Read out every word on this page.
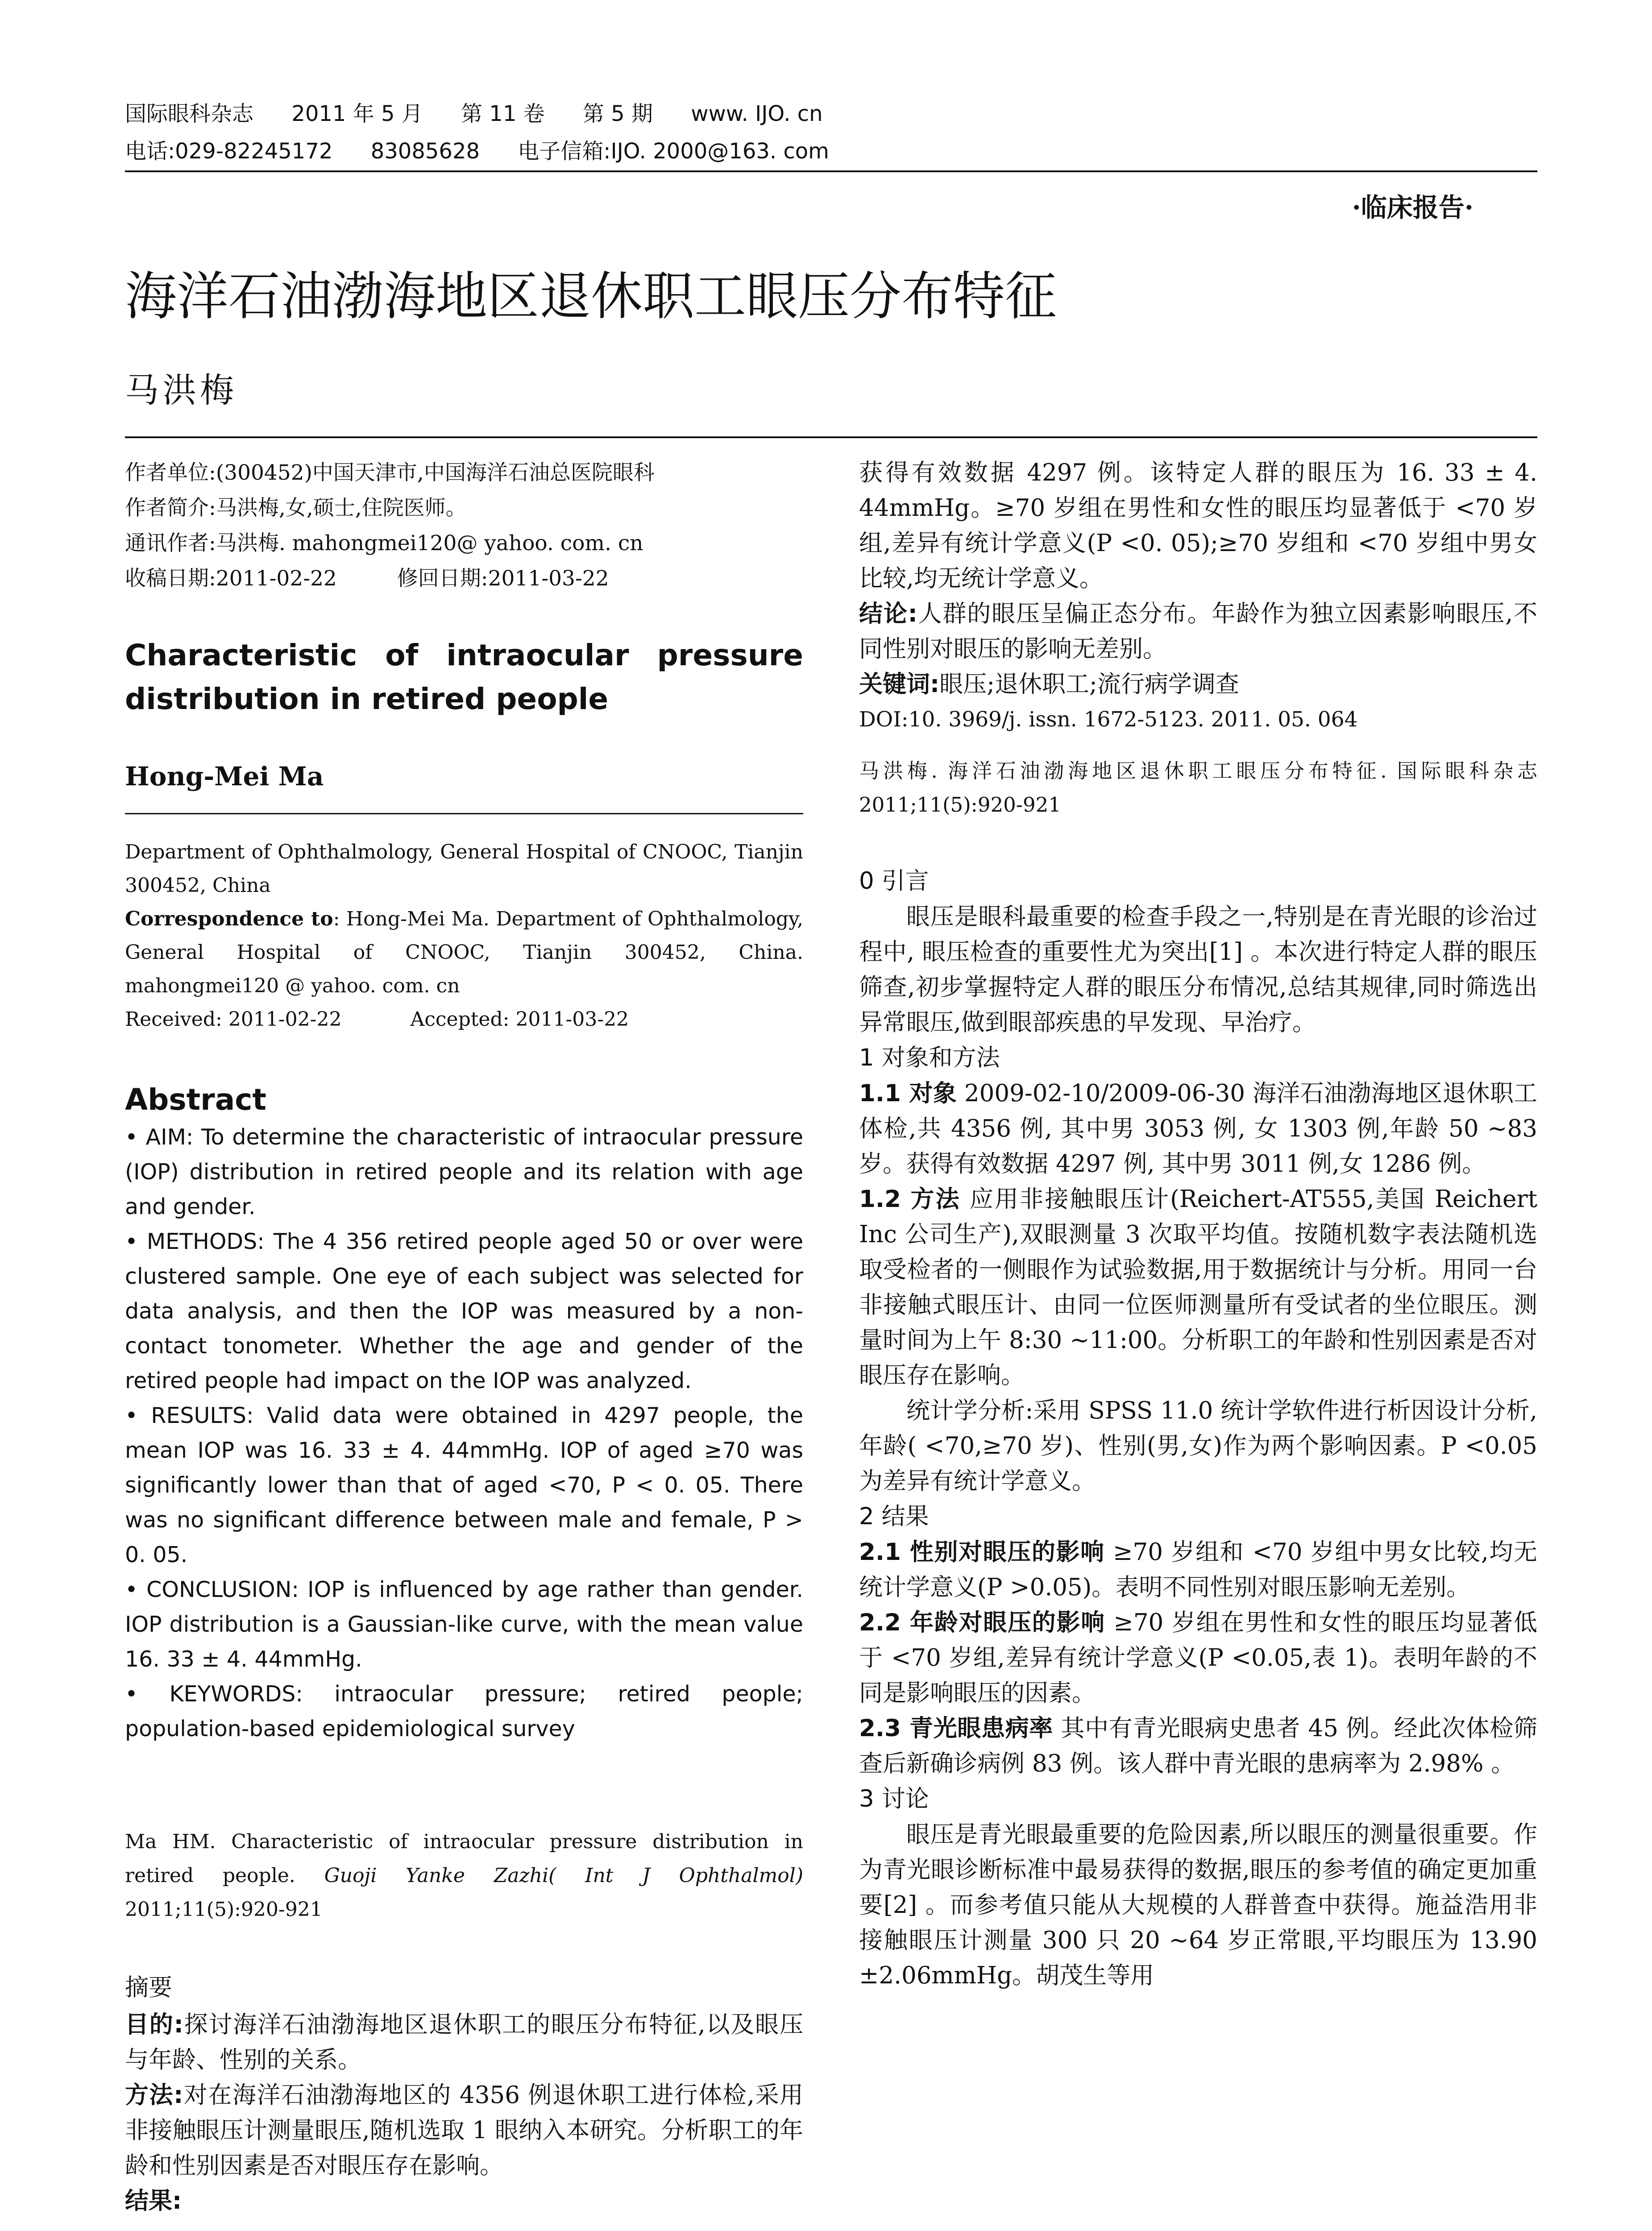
国际眼科杂志 2011 年 5 月 第 11 卷 第 5 期 www. IJO. cn
电话:029-82245172 83085628 电子信箱:IJO. 2000@163. com
·临床报告·
海洋石油渤海地区退休职工眼压分布特征
马洪梅
作者单位:(300452)中国天津市,中国海洋石油总医院眼科
作者简介:马洪梅,女,硕士,住院医师。
通讯作者:马洪梅. mahongmei120@ yahoo. com. cn
收稿日期:2011-02-22	修回日期:2011-03-22
Characteristic of intraocular pressure distribution in retired people
Hong-Mei Ma
Department of Ophthalmology, General Hospital of CNOOC, Tianjin 300452, China
Correspondence to: Hong-Mei Ma. Department of Ophthalmology, General Hospital of CNOOC, Tianjin 300452, China. mahongmei120 @ yahoo. com. cn
Received: 2011-02-22	Accepted: 2011-03-22
Abstract

• AIM: To determine the characteristic of intraocular pressure (IOP) distribution in retired people and its relation with age and gender.

• METHODS: The 4 356 retired people aged 50 or over were clustered sample. One eye of each subject was selected for data analysis, and then the IOP was measured by a non-contact tonometer. Whether the age and gender of the retired people had impact on the IOP was analyzed.

• RESULTS: Valid data were obtained in 4297 people, the mean IOP was 16. 33 ± 4. 44mmHg. IOP of aged ≥70 was significantly lower than that of aged <70, P < 0. 05. There was no significant difference between male and female, P > 0. 05.

• CONCLUSION: IOP is influenced by age rather than gender. IOP distribution is a Gaussian-like curve, with the mean value 16. 33 ± 4. 44mmHg.

• KEYWORDS: intraocular pressure; retired people; population-based epidemiological survey

Ma HM. Characteristic of intraocular pressure distribution in retired people. Guoji Yanke Zazhi( Int J Ophthalmol) 2011;11(5):920-921
摘要

目的:探讨海洋石油渤海地区退休职工的眼压分布特征,以及眼压与年龄、性别的关系。

方法:对在海洋石油渤海地区的 4356 例退休职工进行体检,采用非接触眼压计测量眼压,随机选取 1 眼纳入本研究。分析职工的年龄和性别因素是否对眼压存在影响。

结果:

获得有效数据 4297 例。该特定人群的眼压为 16. 33 ± 4. 44mmHg。≥70 岁组在男性和女性的眼压均显著低于 <70 岁组,差异有统计学意义(P <0. 05);≥70 岁组和 <70 岁组中男女比较,均无统计学意义。

结论:人群的眼压呈偏正态分布。年龄作为独立因素影响眼压,不同性别对眼压的影响无差别。

关键词:眼压;退休职工;流行病学调查

DOI:10. 3969/j. issn. 1672-5123. 2011. 05. 064

马洪梅. 海洋石油渤海地区退休职工眼压分布特征. 国际眼科杂志 2011;11(5):920-921

0 引言

眼压是眼科最重要的检查手段之一,特别是在青光眼的诊治过程中, 眼压检查的重要性尤为突出[1] 。本次进行特定人群的眼压筛查,初步掌握特定人群的眼压分布情况,总结其规律,同时筛选出异常眼压,做到眼部疾患的早发现、早治疗。

1 对象和方法

1.1 对象 2009-02-10/2009-06-30 海洋石油渤海地区退休职工体检,共 4356 例, 其中男 3053 例, 女 1303 例,年龄 50 ~83 岁。获得有效数据 4297 例, 其中男 3011 例,女 1286 例。

1.2 方法 应用非接触眼压计(Reichert-AT555,美国 Reichert Inc 公司生产),双眼测量 3 次取平均值。按随机数字表法随机选取受检者的一侧眼作为试验数据,用于数据统计与分析。用同一台非接触式眼压计、由同一位医师测量所有受试者的坐位眼压。测量时间为上午 8:30 ~11:00。分析职工的年龄和性别因素是否对眼压存在影响。

统计学分析:采用 SPSS 11.0 统计学软件进行析因设计分析,年龄( <70,≥70 岁)、性别(男,女)作为两个影响因素。P <0.05 为差异有统计学意义。

2 结果

2.1 性别对眼压的影响 ≥70 岁组和 <70 岁组中男女比较,均无统计学意义(P >0.05)。表明不同性别对眼压影响无差别。

2.2 年龄对眼压的影响 ≥70 岁组在男性和女性的眼压均显著低于 <70 岁组,差异有统计学意义(P <0.05,表 1)。表明年龄的不同是影响眼压的因素。

2.3 青光眼患病率 其中有青光眼病史患者 45 例。经此次体检筛查后新确诊病例 83 例。该人群中青光眼的患病率为 2.98% 。

3 讨论

眼压是青光眼最重要的危险因素,所以眼压的测量很重要。作为青光眼诊断标准中最易获得的数据,眼压的参考值的确定更加重要[2] 。而参考值只能从大规模的人群普查中获得。施益浩用非接触眼压计测量 300 只 20 ~64 岁正常眼,平均眼压为 13.90 ±2.06mmHg。胡茂生等用
